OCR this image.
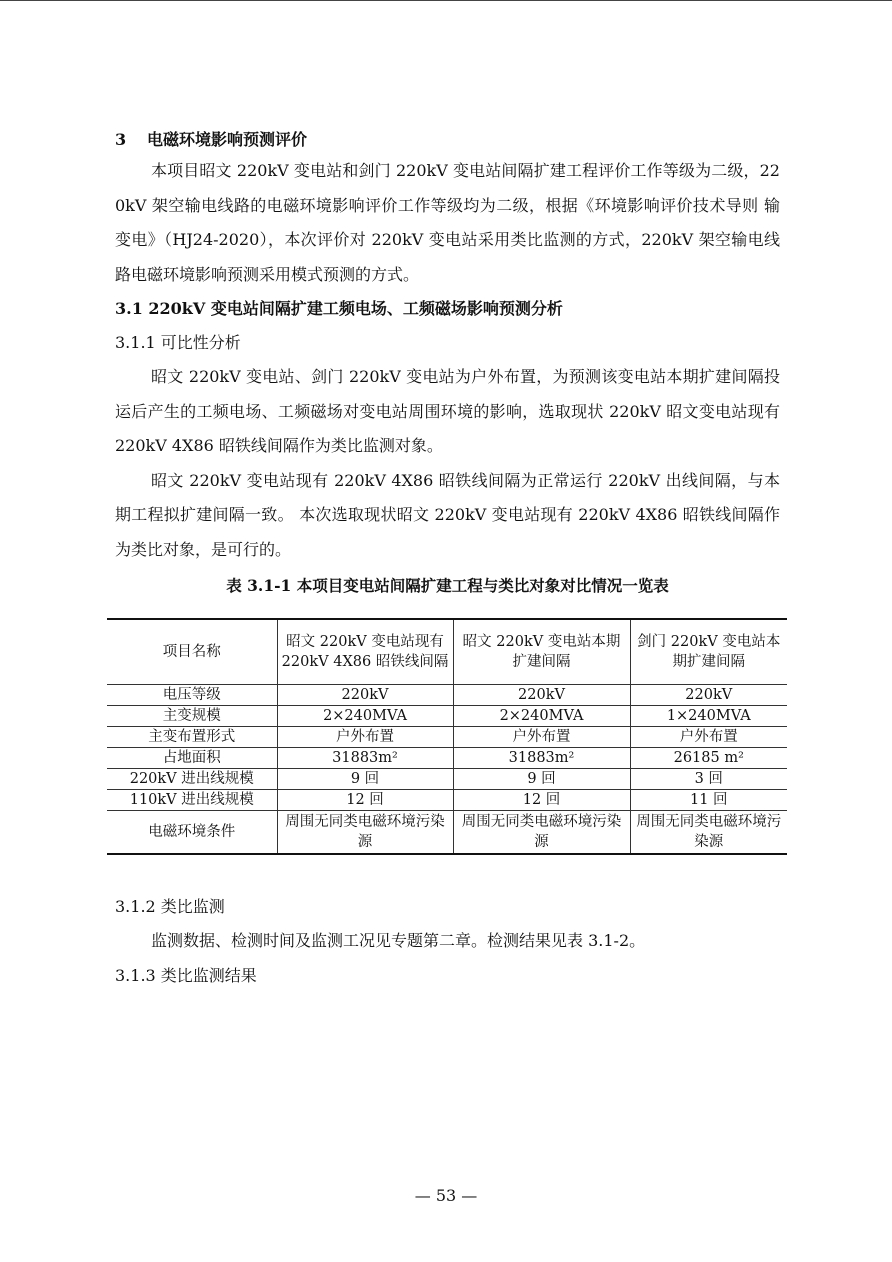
3 电磁环境影响预测评价

本项目昭文 220kV 变电站和剑门 220kV 变电站间隔扩建工程评价工作等级为二级，220kV 架空输电线路的电磁环境影响评价工作等级均为二级，根据《环境影响评价技术导则 输变电》（HJ24-2020），本次评价对 220kV 变电站采用类比监测的方式，220kV 架空输电线路电磁环境影响预测采用模式预测的方式。

3.1 220kV 变电站间隔扩建工频电场、工频磁场影响预测分析
3.1.1 可比性分析

昭文 220kV 变电站、剑门 220kV 变电站为户外布置，为预测该变电站本期扩建间隔投运后产生的工频电场、工频磁场对变电站周围环境的影响，选取现状 220kV 昭文变电站现有 220kV 4X86 昭铁线间隔作为类比监测对象。

昭文 220kV 变电站现有 220kV 4X86 昭铁线间隔为正常运行 220kV 出线间隔，与本期工程拟扩建间隔一致。 本次选取现状昭文 220kV 变电站现有 220kV 4X86 昭铁线间隔作为类比对象，是可行的。

表 3.1-1 本项目变电站间隔扩建工程与类比对象对比情况一览表
项目名称	昭文 220kV 变电站现有 220kV 4X86 昭铁线间隔	昭文 220kV 变电站本期扩建间隔	剑门 220kV 变电站本期扩建间隔
电压等级	220kV	220kV	220kV
主变规模	2×240MVA	2×240MVA	1×240MVA
主变布置形式	户外布置	户外布置	户外布置
占地面积	31883m²	31883m²	26185 m²
220kV 进出线规模	9 回	9 回	3 回
110kV 进出线规模	12 回	12 回	11 回
电磁环境条件	周围无同类电磁环境污染源	周围无同类电磁环境污染源	周围无同类电磁环境污染源
3.1.2 类比监测

监测数据、检测时间及监测工况见专题第二章。检测结果见表 3.1-2。

3.1.3 类比监测结果
— 53 —
